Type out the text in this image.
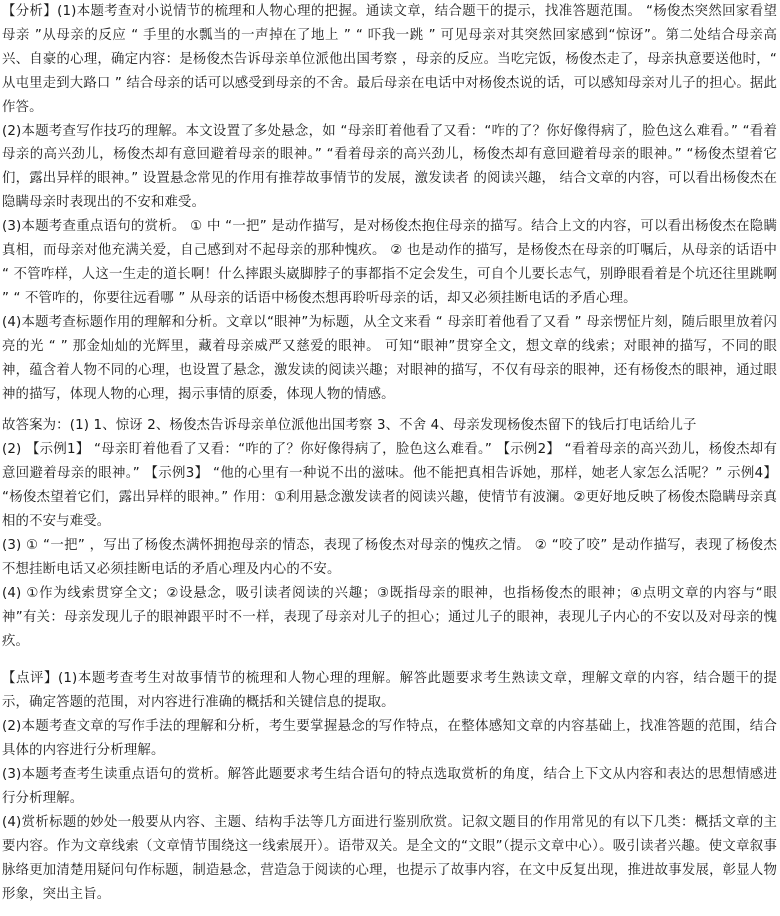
【分析】(1)本题考查对小说情节的梳理和人物心理的把握。通读文章，结合题干的提示，找准答题范围。 “杨俊杰突然回家看望母亲 ”从母亲的反应 “ 手里的水瓢当的一声掉在了地上 ” “ 吓我一跳 ” 可见母亲对其突然回家感到“惊讶”。第二处结合母亲高兴、自豪的心理，确定内容：是杨俊杰告诉母亲单位派他出国考察 ，母亲的反应。当吃完饭，杨俊杰走了，母亲执意要送他时，“ 从屯里走到大路口 ” 结合母亲的话可以感受到母亲的不舍。最后母亲在电话中对杨俊杰说的话，可以感知母亲对儿子的担心。据此作答。

(2)本题考查写作技巧的理解。本文设置了多处悬念，如 “母亲盯着他看了又看：“咋的了？你好像得病了，脸色这么难看。” “看着母亲的高兴劲儿，杨俊杰却有意回避着母亲的眼神。” “看着母亲的高兴劲儿，杨俊杰却有意回避着母亲的眼神。” “杨俊杰望着它们，露出异样的眼神。” 设置悬念常见的作用有推荐故事情节的发展，激发读者 的阅读兴趣， 结合文章的内容，可以看出杨俊杰在隐瞒母亲时表现出的不安和难受。

(3)本题考查重点语句的赏析。 ① 中 “一把” 是动作描写，是对杨俊杰抱住母亲的描写。结合上文的内容，可以看出杨俊杰在隐瞒真相，而母亲对他充满关爱，自己感到对不起母亲的那种愧疚。 ② 也是动作的描写，是杨俊杰在母亲的叮嘱后，从母亲的话语中 “ 不管咋样，人这一生走的道长啊！什么摔跟头崴脚脖子的事都指不定会发生，可自个儿要长志气，别睁眼看着是个坑还往里跳啊 ” “ 不管咋的，你要往远看哪 ” 从母亲的话语中杨俊杰想再聆听母亲的话，却又必须挂断电话的矛盾心理。

(4)本题考查标题作用的理解和分析。文章以“眼神”为标题，从全文来看 “ 母亲盯着他看了又看 ” 母亲愣怔片刻，随后眼里放着闪亮的光 “ ” 那金灿灿的光辉里，藏着母亲威严又慈爱的眼神。 可知“眼神”贯穿全文，想文章的线索；对眼神的描写，不同的眼神，蕴含着人物不同的心理，也设置了悬念，激发读的阅读兴趣；对眼神的描写，不仅有母亲的眼神，还有杨俊杰的眼神，通过眼神的描写，体现人物的心理，揭示事情的原委，体现人物的情感。

故答案为：(1) 1、惊讶 2、杨俊杰告诉母亲单位派他出国考察 3、不舍 4、母亲发现杨俊杰留下的钱后打电话给儿子

(2) 【示例1】 “母亲盯着他看了又看：“咋的了？你好像得病了，脸色这么难看。” 【示例2】 “看着母亲的高兴劲儿，杨俊杰却有意回避着母亲的眼神。” 【示例3】 “他的心里有一种说不出的滋味。他不能把真相告诉她，那样，她老人家怎么活呢？” 示例4】 “杨俊杰望着它们，露出异样的眼神。” 作用：①利用悬念激发读者的阅读兴趣，使情节有波澜。②更好地反映了杨俊杰隐瞒母亲真相的不安与难受。

(3) ① “一把” ，写出了杨俊杰满怀拥抱母亲的情态，表现了杨俊杰对母亲的愧疚之情。 ② “咬了咬” 是动作描写，表现了杨俊杰不想挂断电话又必须挂断电话的矛盾心理及内心的不安。

(4) ①作为线索贯穿全文；②设悬念，吸引读者阅读的兴趣；③既指母亲的眼神，也指杨俊杰的眼神；④点明文章的内容与“眼神”有关：母亲发现儿子的眼神跟平时不一样，表现了母亲对儿子的担心；通过儿子的眼神，表现儿子内心的不安以及对母亲的愧疚。

【点评】(1)本题考查考生对故事情节的梳理和人物心理的理解。解答此题要求考生熟读文章，理解文章的内容，结合题干的提示，确定答题的范围，对内容进行准确的概括和关键信息的提取。

(2)本题考查文章的写作手法的理解和分析，考生要掌握悬念的写作特点，在整体感知文章的内容基础上，找准答题的范围，结合具体的内容进行分析理解。

(3)本题考查考生读重点语句的赏析。解答此题要求考生结合语句的特点选取赏析的角度，结合上下文从内容和表达的思想情感进行分析理解。

(4)赏析标题的妙处一般要从内容、主题、结构手法等几方面进行鉴别欣赏。记叙文题目的作用常见的有以下几类：概括文章的主要内容。作为文章线索（文章情节围绕这一线索展开）。语带双关。是全文的“文眼”（提示文章中心）。吸引读者兴趣。使文章叙事脉络更加清楚用疑问句作标题，制造悬念，营造急于阅读的心理，也提示了故事内容，在文中反复出现，推进故事发展，彰显人物形象，突出主旨。
